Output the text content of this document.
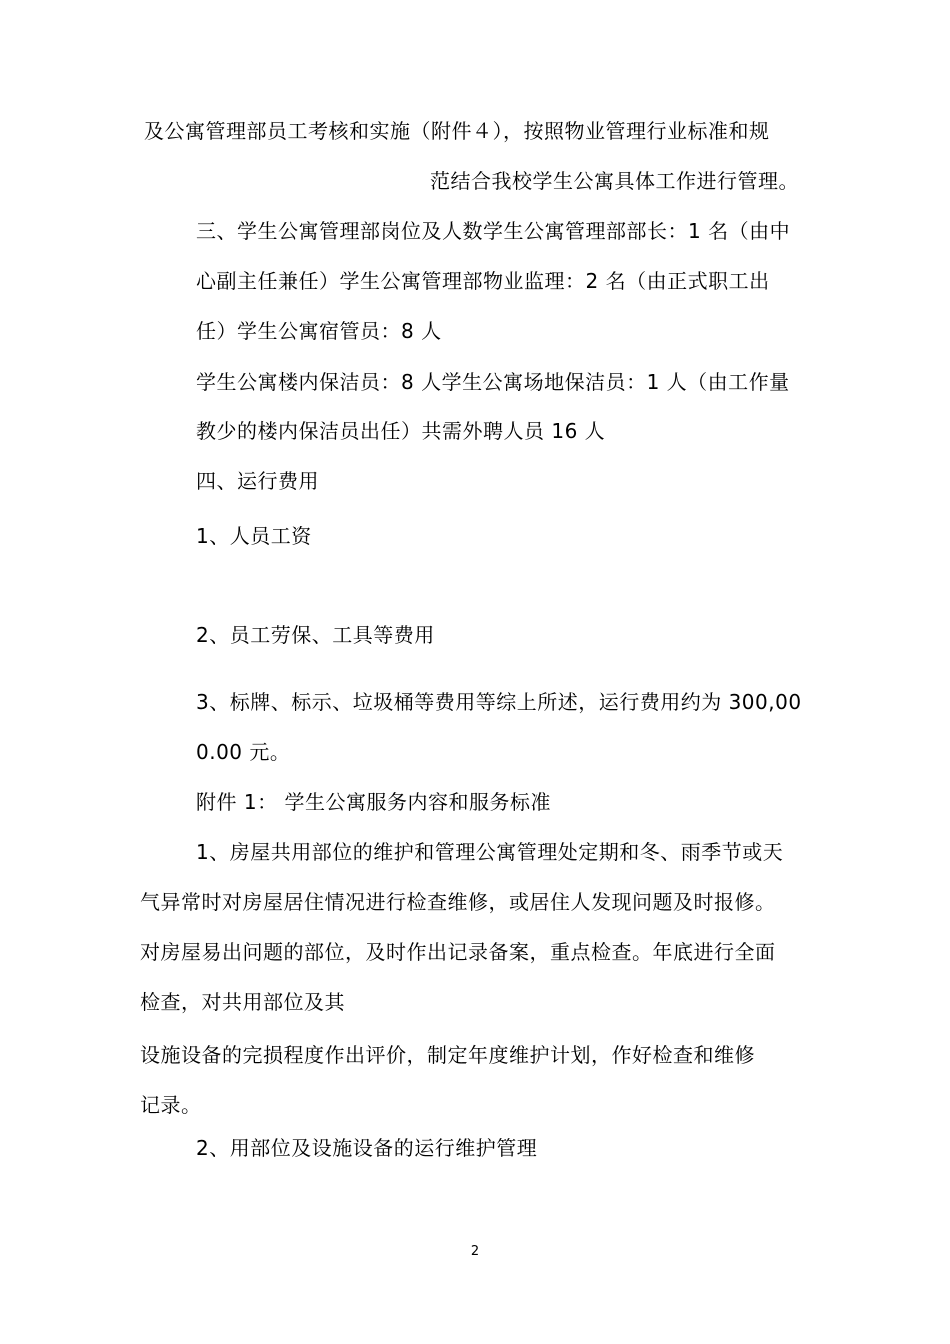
及公寓管理部员工考核和实施（附件４），按照物业管理行业标准和规
范结合我校学生公寓具体工作进行管理。
三、学生公寓管理部岗位及人数学生公寓管理部部长：1 名（由中
心副主任兼任）学生公寓管理部物业监理：2 名（由正式职工出
任）学生公寓宿管员：8 人
学生公寓楼内保洁员：8 人学生公寓场地保洁员：1 人（由工作量
教少的楼内保洁员出任）共需外聘人员 16 人
四、运行费用
1、人员工资
2、员工劳保、工具等费用
3、标牌、标示、垃圾桶等费用等综上所述，运行费用约为 300,00
0.00 元。
附件 1： 学生公寓服务内容和服务标准
1、房屋共用部位的维护和管理公寓管理处定期和冬、雨季节或天
气异常时对房屋居住情况进行检查维修，或居住人发现问题及时报修。
对房屋易出问题的部位，及时作出记录备案，重点检查。年底进行全面
检查，对共用部位及其
设施设备的完损程度作出评价，制定年度维护计划，作好检查和维修
记录。
2、用部位及设施设备的运行维护管理
2
